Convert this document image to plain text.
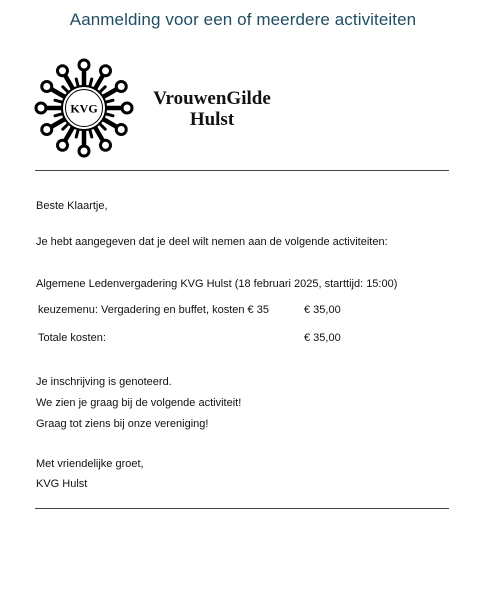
Aanmelding voor een of meerdere activiteiten
KVG	VrouwenGilde
Hulst
Beste Klaartje,
Je hebt aangegeven dat je deel wilt nemen aan de volgende activiteiten:
Algemene Ledenvergadering KVG Hulst (18 februari 2025, starttijd: 15:00)
keuzemenu: Vergadering en buffet, kosten € 35	€ 35,00
Totale kosten:	€ 35,00
Je inschrijving is genoteerd.
We zien je graag bij de volgende activiteit!
Graag tot ziens bij onze vereniging!
Met vriendelijke groet,
KVG Hulst
